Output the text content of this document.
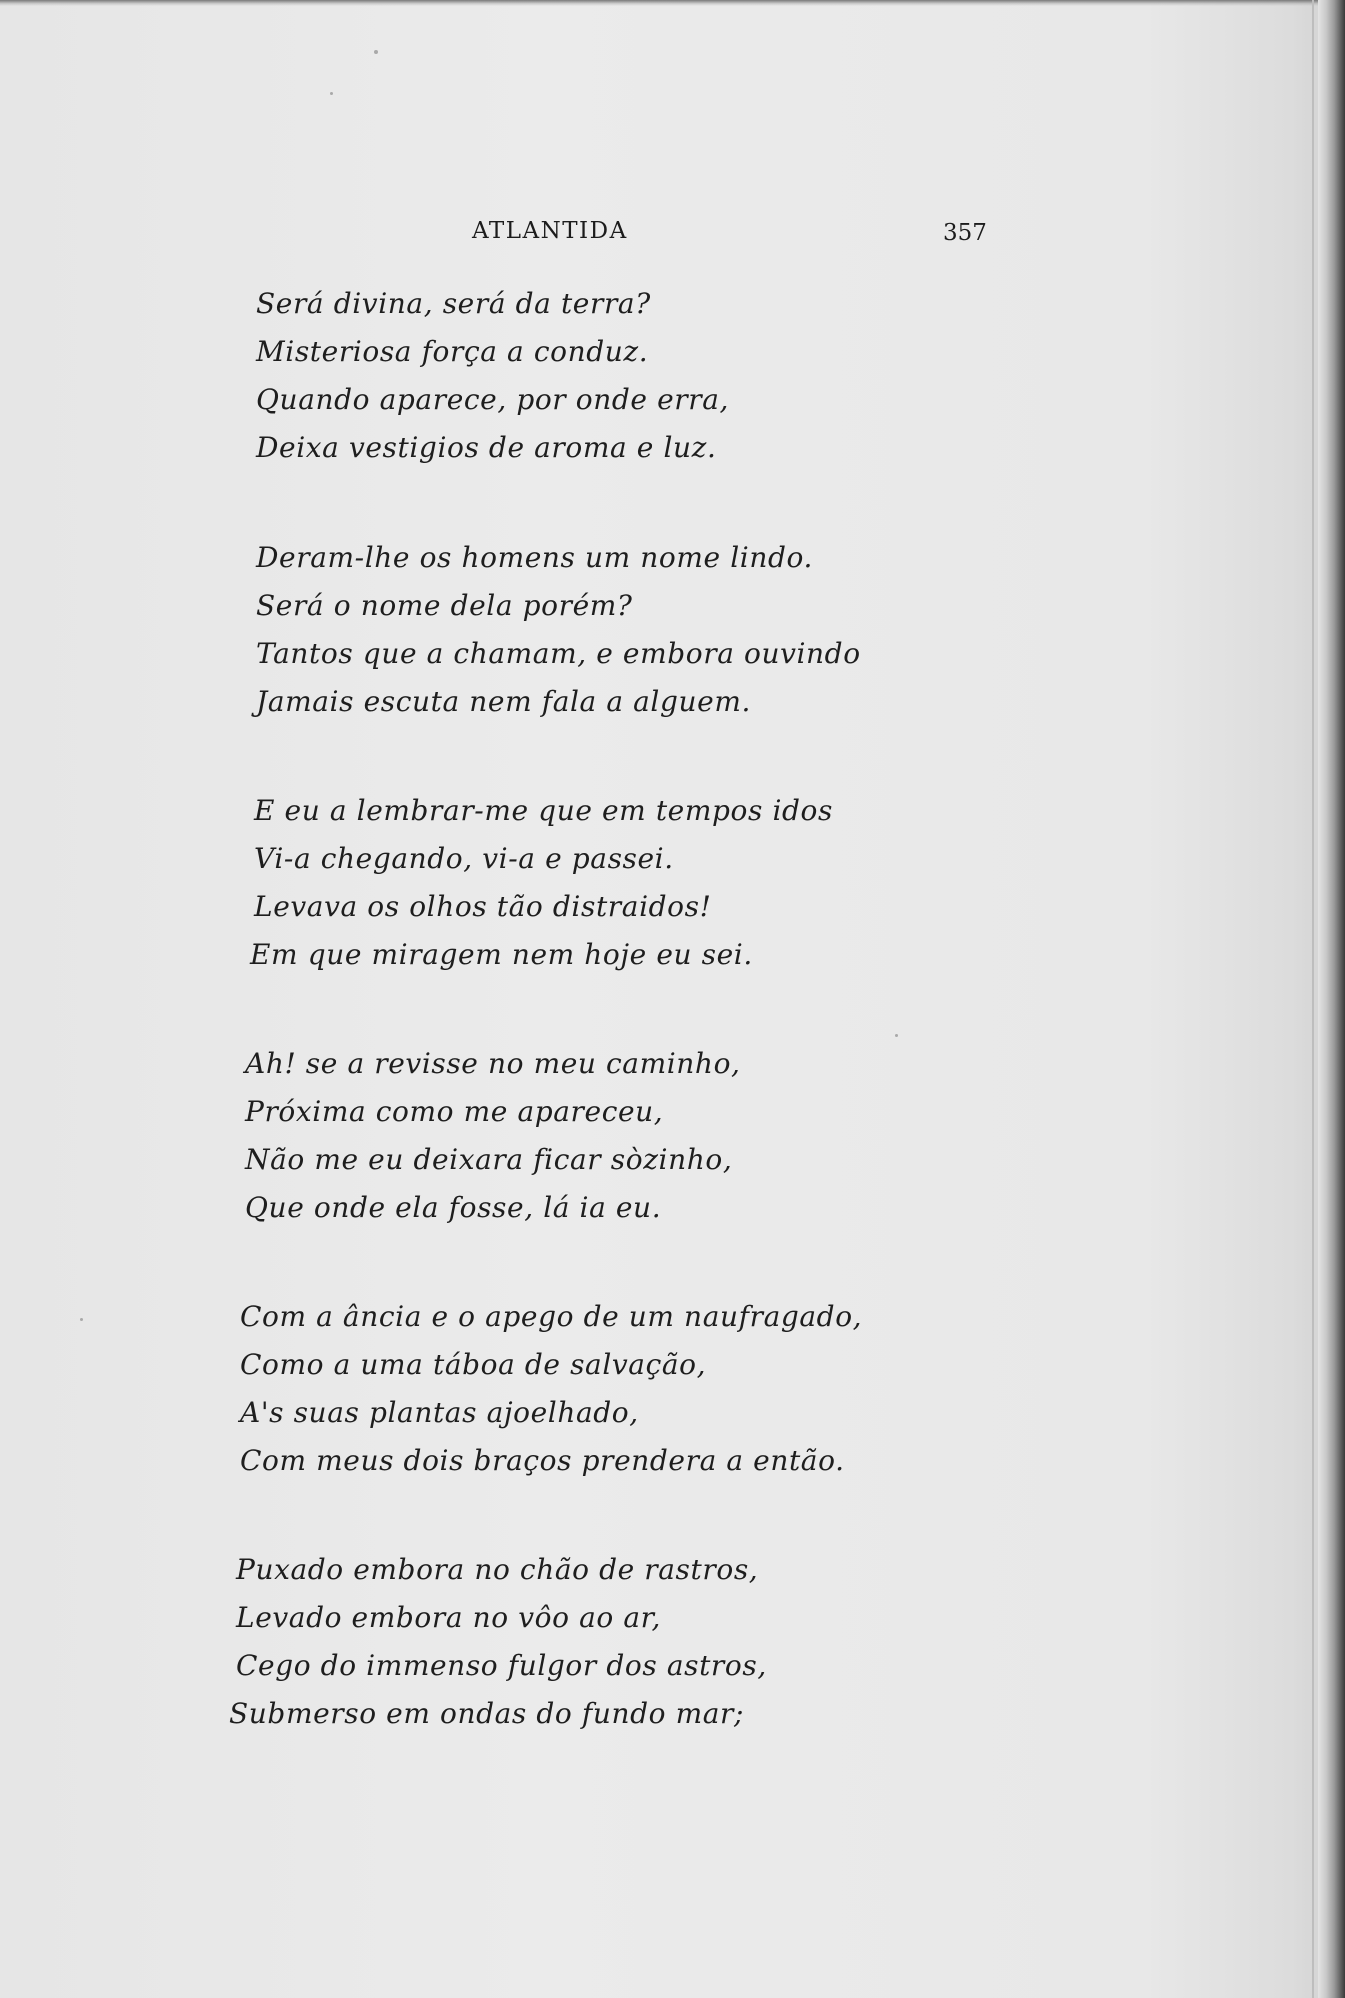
ATLANTIDA	357
Será divina, será da terra?
Misteriosa força a conduz.
Quando aparece, por onde erra,
Deixa vestigios de aroma e luz.
Deram-lhe os homens um nome lindo.
Será o nome dela porém?
Tantos que a chamam, e embora ouvindo
Jamais escuta nem fala a alguem.
E eu a lembrar-me que em tempos idos
Vi-a chegando, vi-a e passei.
Levava os olhos tão distraidos!
Em que miragem nem hoje eu sei.
Ah! se a revisse no meu caminho,
Próxima como me apareceu,
Não me eu deixara ficar sòzinho,
Que onde ela fosse, lá ia eu.
Com a ância e o apego de um naufragado,
Como a uma táboa de salvação,
A's suas plantas ajoelhado,
Com meus dois braços prendera a então.
Puxado embora no chão de rastros,
Levado embora no vôo ao ar,
Cego do immenso fulgor dos astros,
Submerso em ondas do fundo mar;
